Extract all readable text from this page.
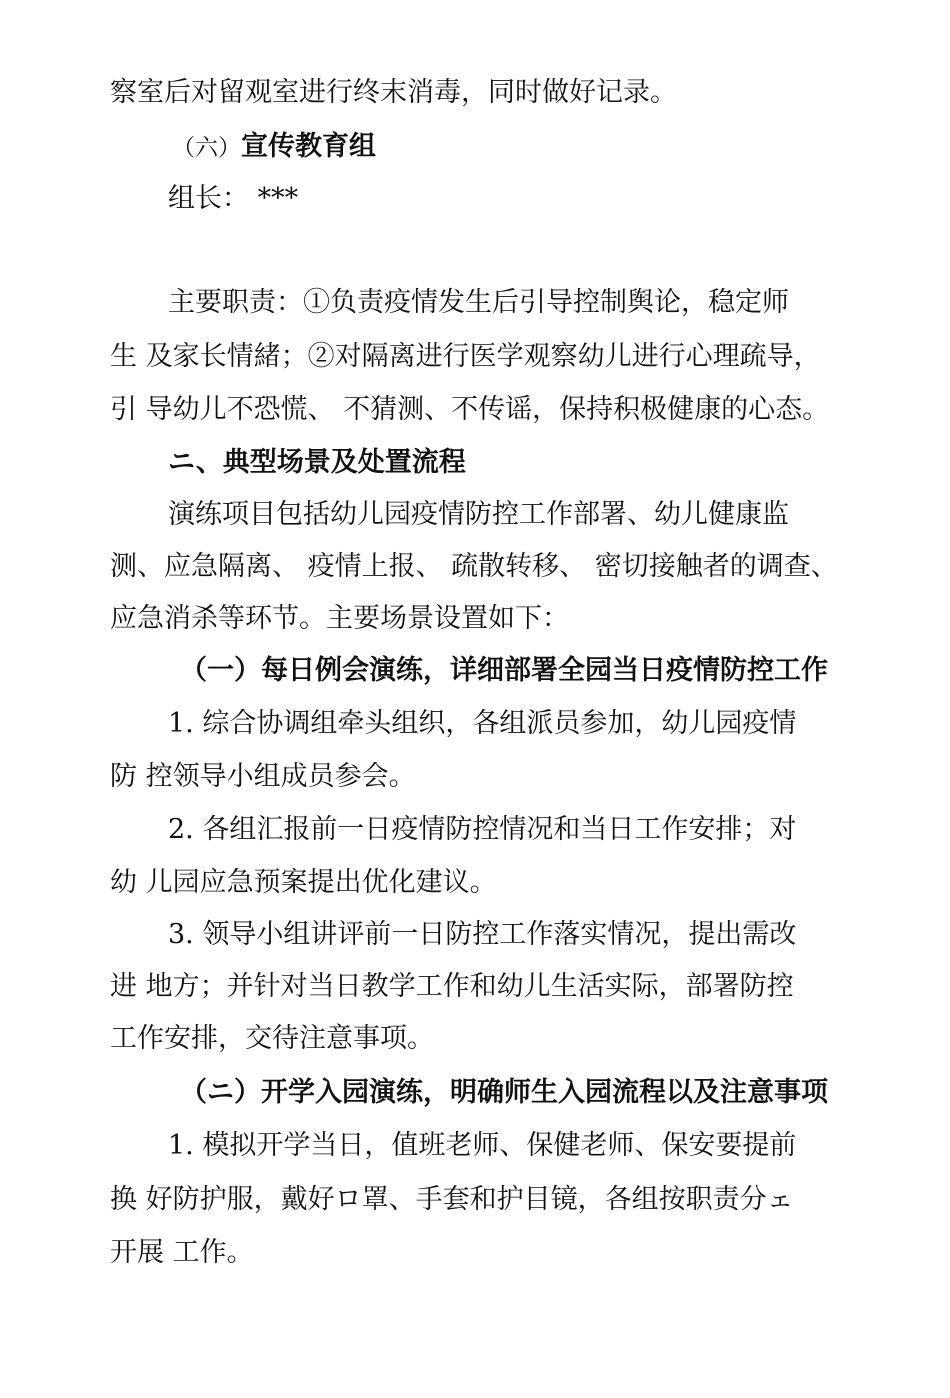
察室后对留观室进行终末消毒，同时做好记录。
（六）宣传教育组
组长： ***
主要职责：①负责疫情发生后引导控制舆论，稳定师
生 及家长情緒；②对隔离进行医学观察幼儿进行心理疏导，
引 导幼儿不恐慌、 不猜测、不传谣，保持积极健康的心态。
ニ、典型场景及处置流程
演练项目包括幼儿园疫情防控工作部署、幼儿健康监
测、应急隔离、 疫情上报、 疏散转移、 密切接触者的调查、
应急消杀等环节。主要场景设置如下：
（一）每日例会演练，详细部署全园当日疫情防控工作
1. 综合协调组牵头组织，各组派员参加，幼儿园疫情
防 控领导小组成员参会。
2. 各组汇报前一日疫情防控情况和当日工作安排；对
幼 儿园应急预案提出优化建议。
3. 领导小组讲评前一日防控工作落实情况，提出需改
进 地方；并针对当日教学工作和幼儿生活实际，部署防控
工作安排，交待注意事项。
（ニ）开学入园演练，明确师生入园流程以及注意事项
1. 模拟开学当日，值班老师、保健老师、保安要提前
换 好防护服，戴好ロ罩、手套和护目镜，各组按职责分ェ
开展 工作。
